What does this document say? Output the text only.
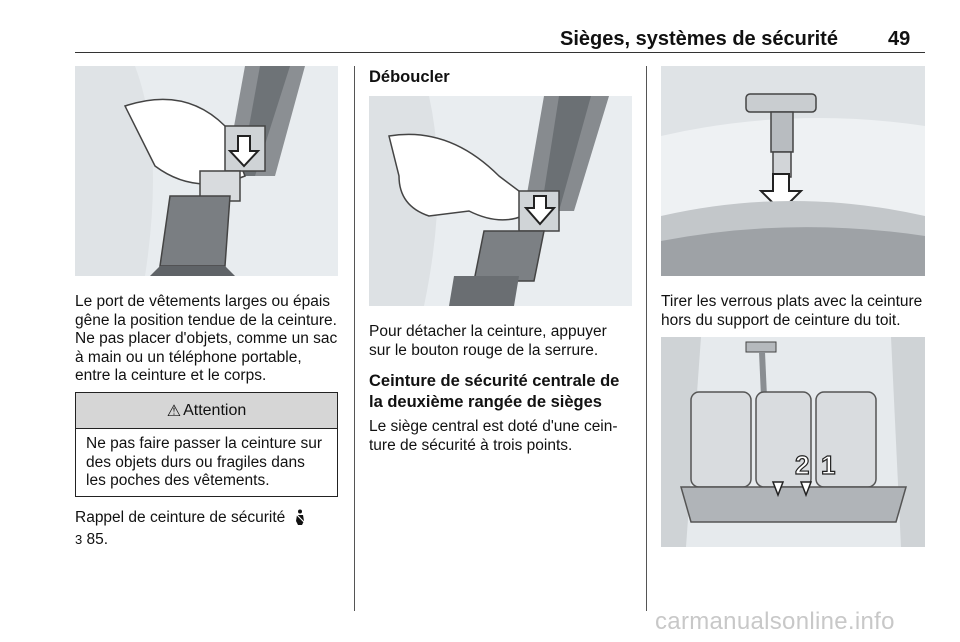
Sièges, systèmes de sécurité	49
Le port de vêtements larges ou épais
gêne la position tendue de la ceinture.
Ne pas placer d'objets, comme un sac
à main ou un téléphone portable,
entre la ceinture et le corps.
⚠ Attention
Ne pas faire passer la ceinture sur
des objets durs ou fragiles dans
les poches des vêtements.
Rappel de ceinture de sécurité
3 85.
Déboucler
Pour détacher la ceinture, appuyer
sur le bouton rouge de la serrure.
Ceinture de sécurité centrale de
la deuxième rangée de sièges
Le siège central est doté d'une cein-
ture de sécurité à trois points.
Tirer les verrous plats avec la ceinture
hors du support de ceinture du toit.
2 1
carmanualsonline.info
